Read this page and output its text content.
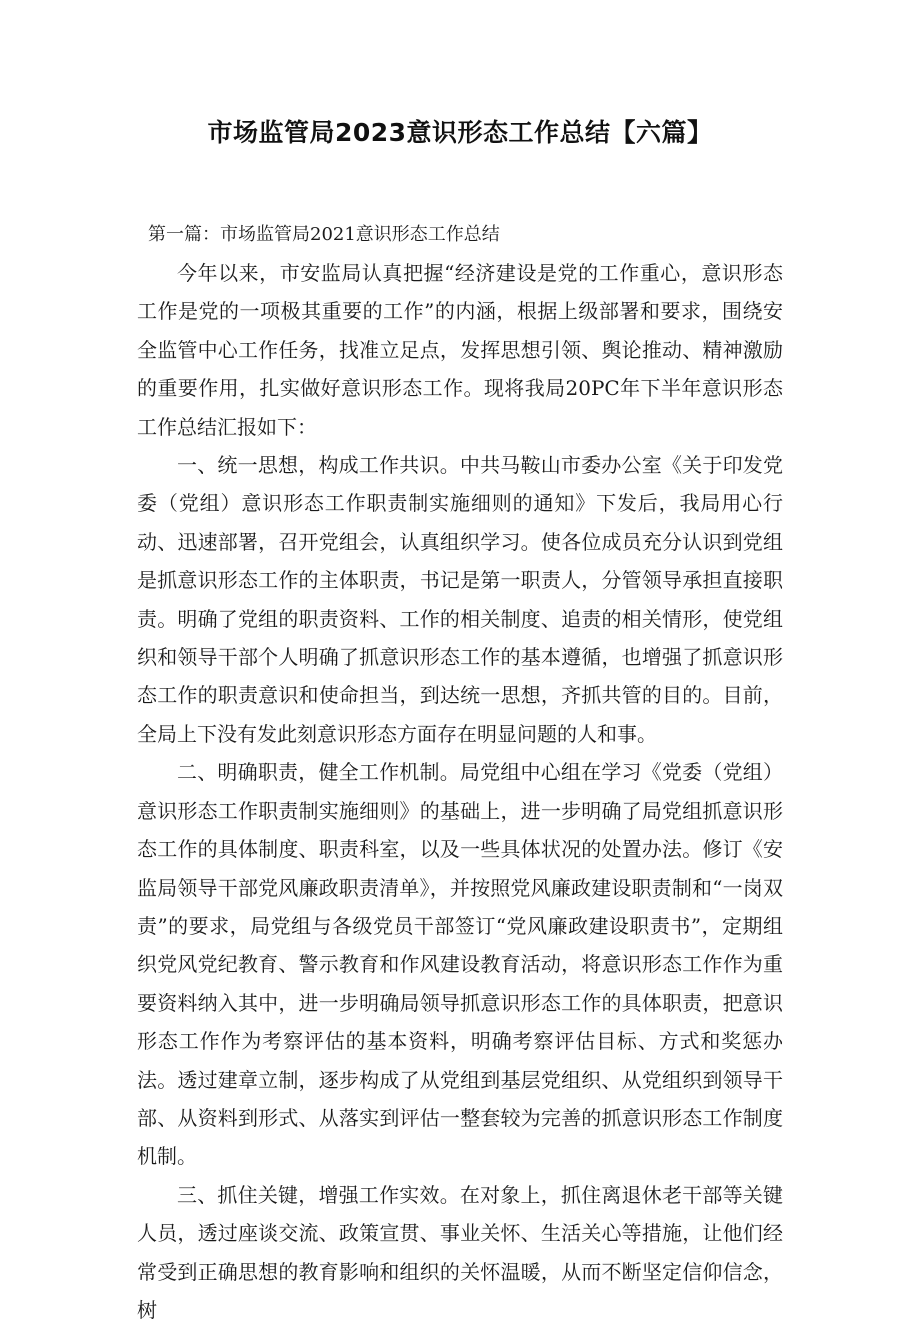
市场监管局2023意识形态工作总结【六篇】

第一篇：市场监管局2021意识形态工作总结

今年以来，市安监局认真把握“经济建设是党的工作重心，意识形态工作是党的一项极其重要的工作”的内涵，根据上级部署和要求，围绕安全监管中心工作任务，找准立足点，发挥思想引领、舆论推动、精神激励的重要作用，扎实做好意识形态工作。现将我局20PC年下半年意识形态工作总结汇报如下：

一、统一思想，构成工作共识。中共马鞍山市委办公室《关于印发党委（党组）意识形态工作职责制实施细则的通知》下发后，我局用心行动、迅速部署，召开党组会，认真组织学习。使各位成员充分认识到党组是抓意识形态工作的主体职责，书记是第一职责人，分管领导承担直接职责。明确了党组的职责资料、工作的相关制度、追责的相关情形，使党组织和领导干部个人明确了抓意识形态工作的基本遵循，也增强了抓意识形态工作的职责意识和使命担当，到达统一思想，齐抓共管的目的。目前，全局上下没有发此刻意识形态方面存在明显问题的人和事。

二、明确职责，健全工作机制。局党组中心组在学习《党委（党组）意识形态工作职责制实施细则》的基础上，进一步明确了局党组抓意识形态工作的具体制度、职责科室，以及一些具体状况的处置办法。修订《安监局领导干部党风廉政职责清单》，并按照党风廉政建设职责制和“一岗双责”的要求，局党组与各级党员干部签订“党风廉政建设职责书”，定期组织党风党纪教育、警示教育和作风建设教育活动，将意识形态工作作为重要资料纳入其中，进一步明确局领导抓意识形态工作的具体职责，把意识形态工作作为考察评估的基本资料，明确考察评估目标、方式和奖惩办法。透过建章立制，逐步构成了从党组到基层党组织、从党组织到领导干部、从资料到形式、从落实到评估一整套较为完善的抓意识形态工作制度机制。

三、抓住关键，增强工作实效。在对象上，抓住离退休老干部等关键人员，透过座谈交流、政策宣贯、事业关怀、生活关心等措施，让他们经常受到正确思想的教育影响和组织的关怀温暖，从而不断坚定信仰信念，树
